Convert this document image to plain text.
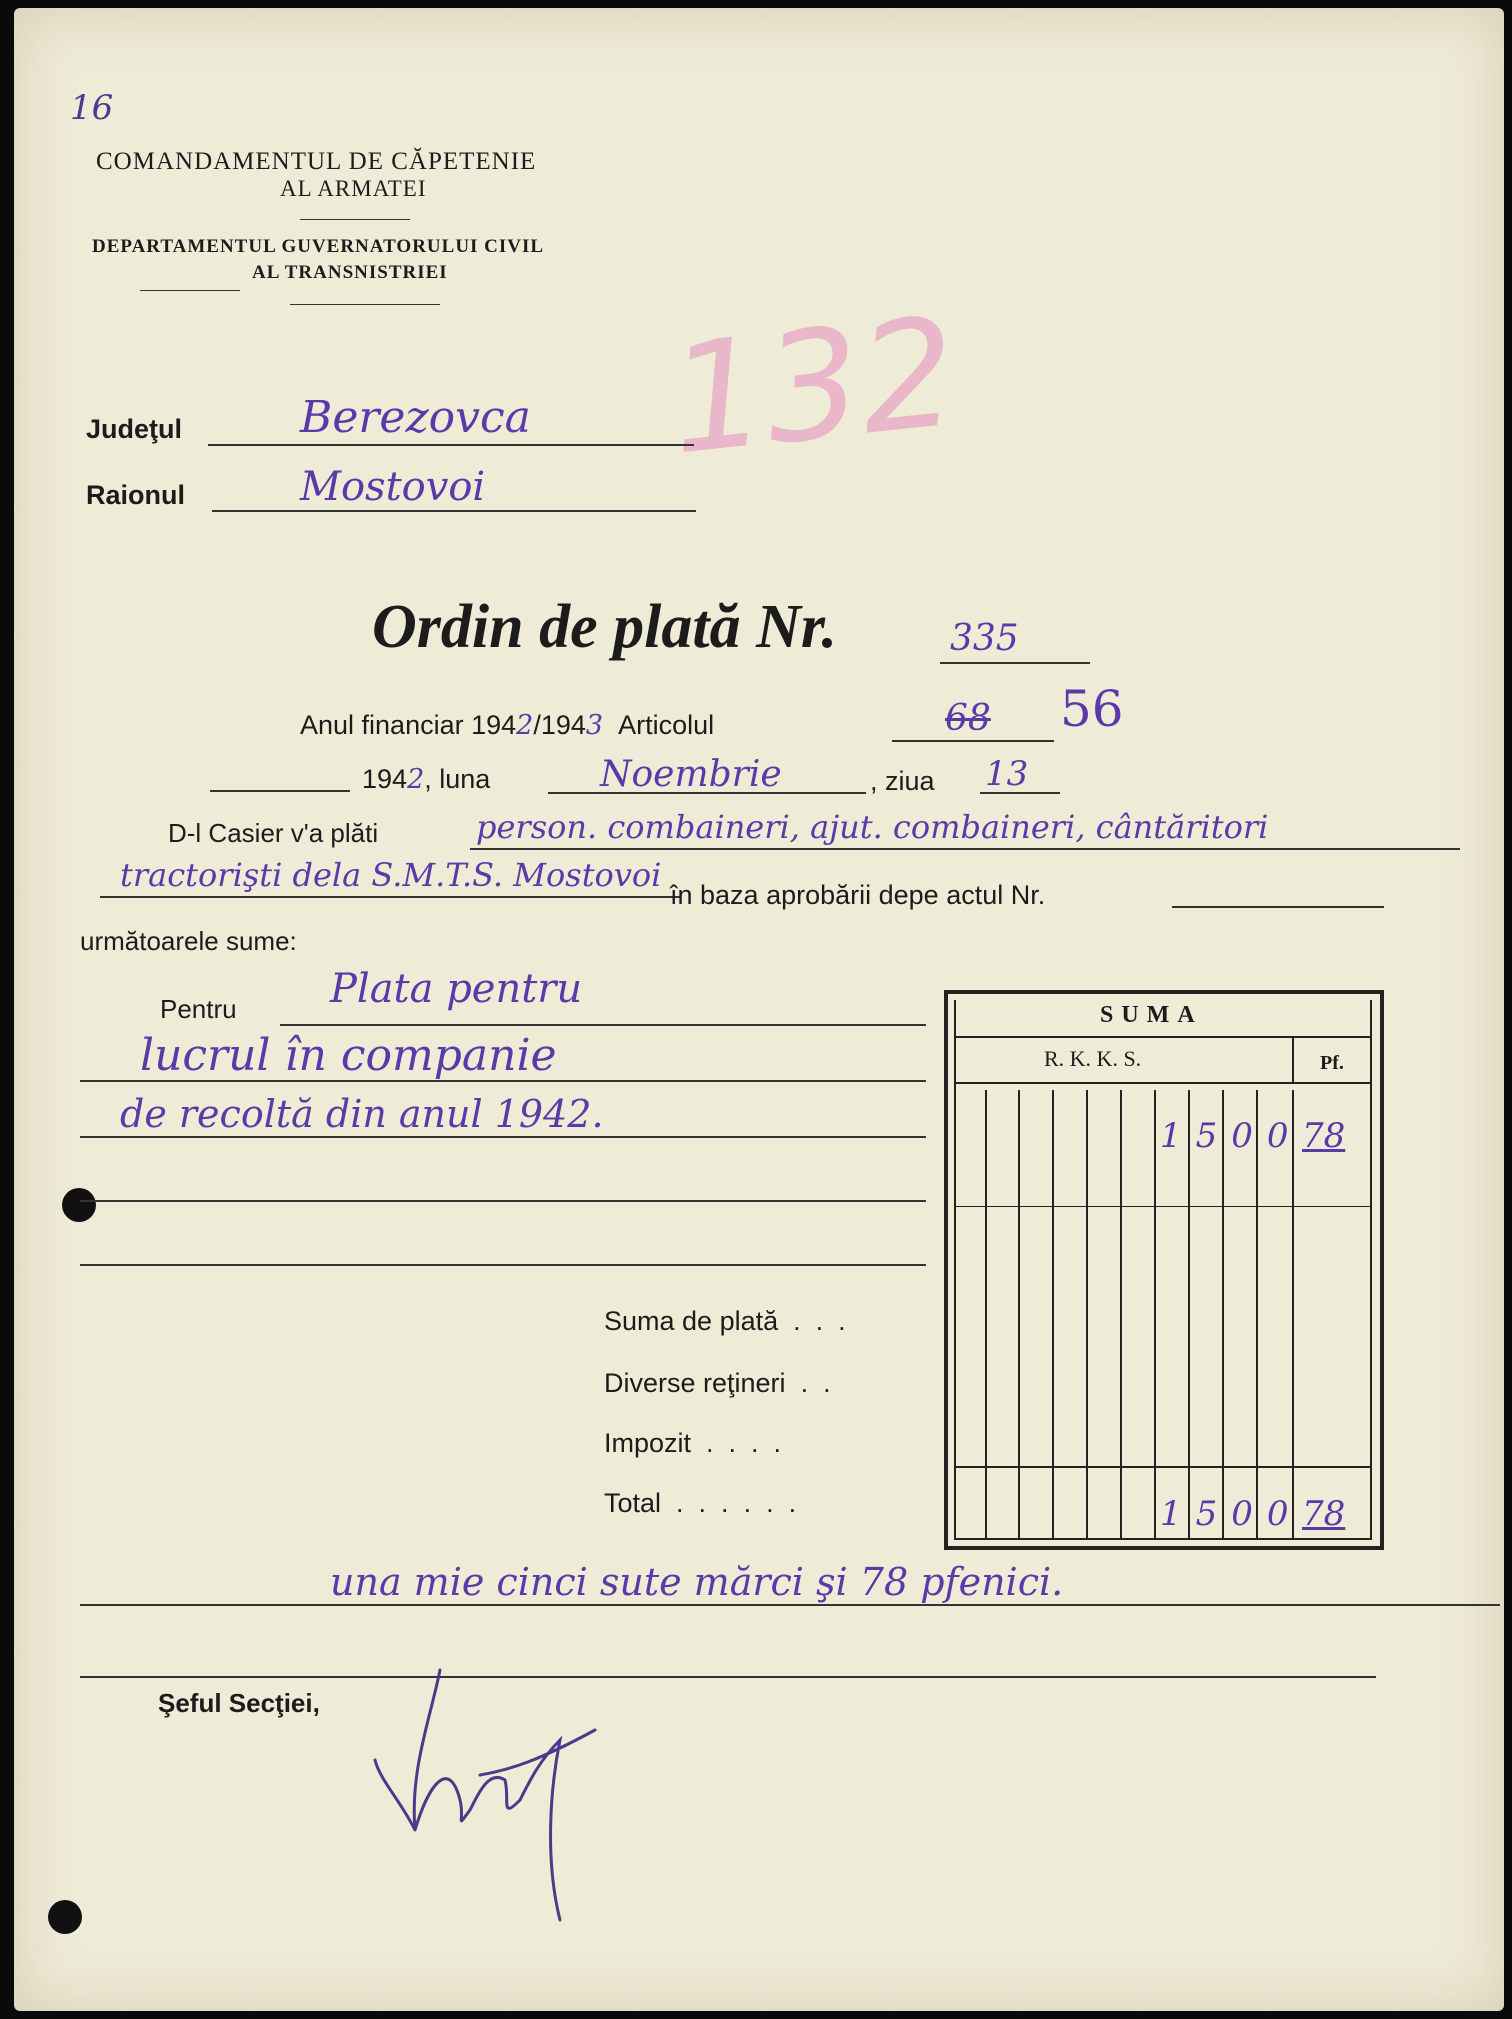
16
COMANDAMENTUL DE CĂPETENIE
AL ARMATEI
DEPARTAMENTUL GUVERNATORULUI CIVIL
AL TRANSNISTRIEI
132
Judeţul	Berezovca
Raionul	Mostovoi
Ordin de plată Nr.	335
Anul financiar 1942/1943 Articolul	68 56
1942, luna	Noembrie	, ziua 13
D-l Casier v'a plăti	person. combaineri, ajut. combaineri, cântăritori
tractorişti dela S.M.T.S. Mostovoi
în baza aprobării depe actul Nr.
următoarele sume:
Pentru Plata pentru
lucrul în companie
de recoltă din anul 1942.
SUMA
R. K. K. S.	Pf.
1500 78
Suma de plată  .  .  .
Diverse reţineri  .  .
Impozit  .  .  .  .
Total  .  .  .  .  .  .	1500 78
una mie cinci sute mărci şi 78 pfenici.
Şeful Secţiei,
